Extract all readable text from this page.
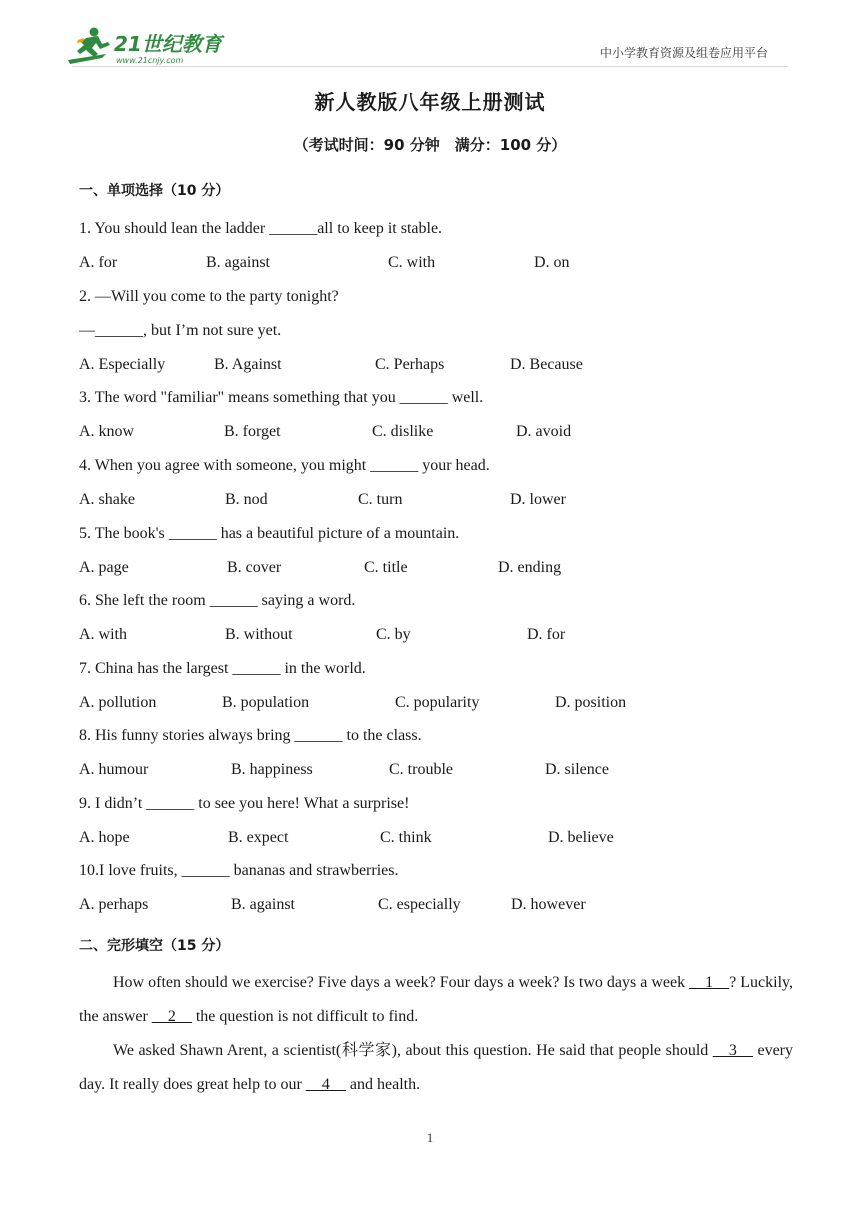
21世纪教育
www.21cnjy.com
中小学教育资源及组卷应用平台
新人教版八年级上册测试
（考试时间：90 分钟　满分：100 分）
一、单项选择（10 分）
1. You should lean the ladder ______all to keep it stable.
A. for	B. against	C. with	D. on
2. —Will you come to the party tonight?
—______, but I’m not sure yet.
A. Especially	B. Against	C. Perhaps	D. Because
3. The word "familiar" means something that you ______ well.
A. know	B. forget	C. dislike	D. avoid
4. When you agree with someone, you might ______ your head.
A. shake	B. nod	C. turn	D. lower
5. The book's ______ has a beautiful picture of a mountain.
A. page	B. cover	C. title	D. ending
6. She left the room ______ saying a word.
A. with	B. without	C. by	D. for
7. China has the largest ______ in the world.
A. pollution	B. population	C. popularity	D. position
8. His funny stories always bring ______ to the class.
A. humour	B. happiness	C. trouble	D. silence
9. I didn’t ______ to see you here! What a surprise!
A. hope	B. expect	C. think	D. believe
10.I love fruits, ______ bananas and strawberries.
A. perhaps	B. against	C. especially	D. however
二、完形填空（15 分）
How often should we exercise? Five days a week? Four days a week? Is two days a week __1__? Luckily, the answer __2__ the question is not difficult to find.
We asked Shawn Arent, a scientist(科学家), about this question. He said that people should __3__ every day. It really does great help to our __4__ and health.
1
